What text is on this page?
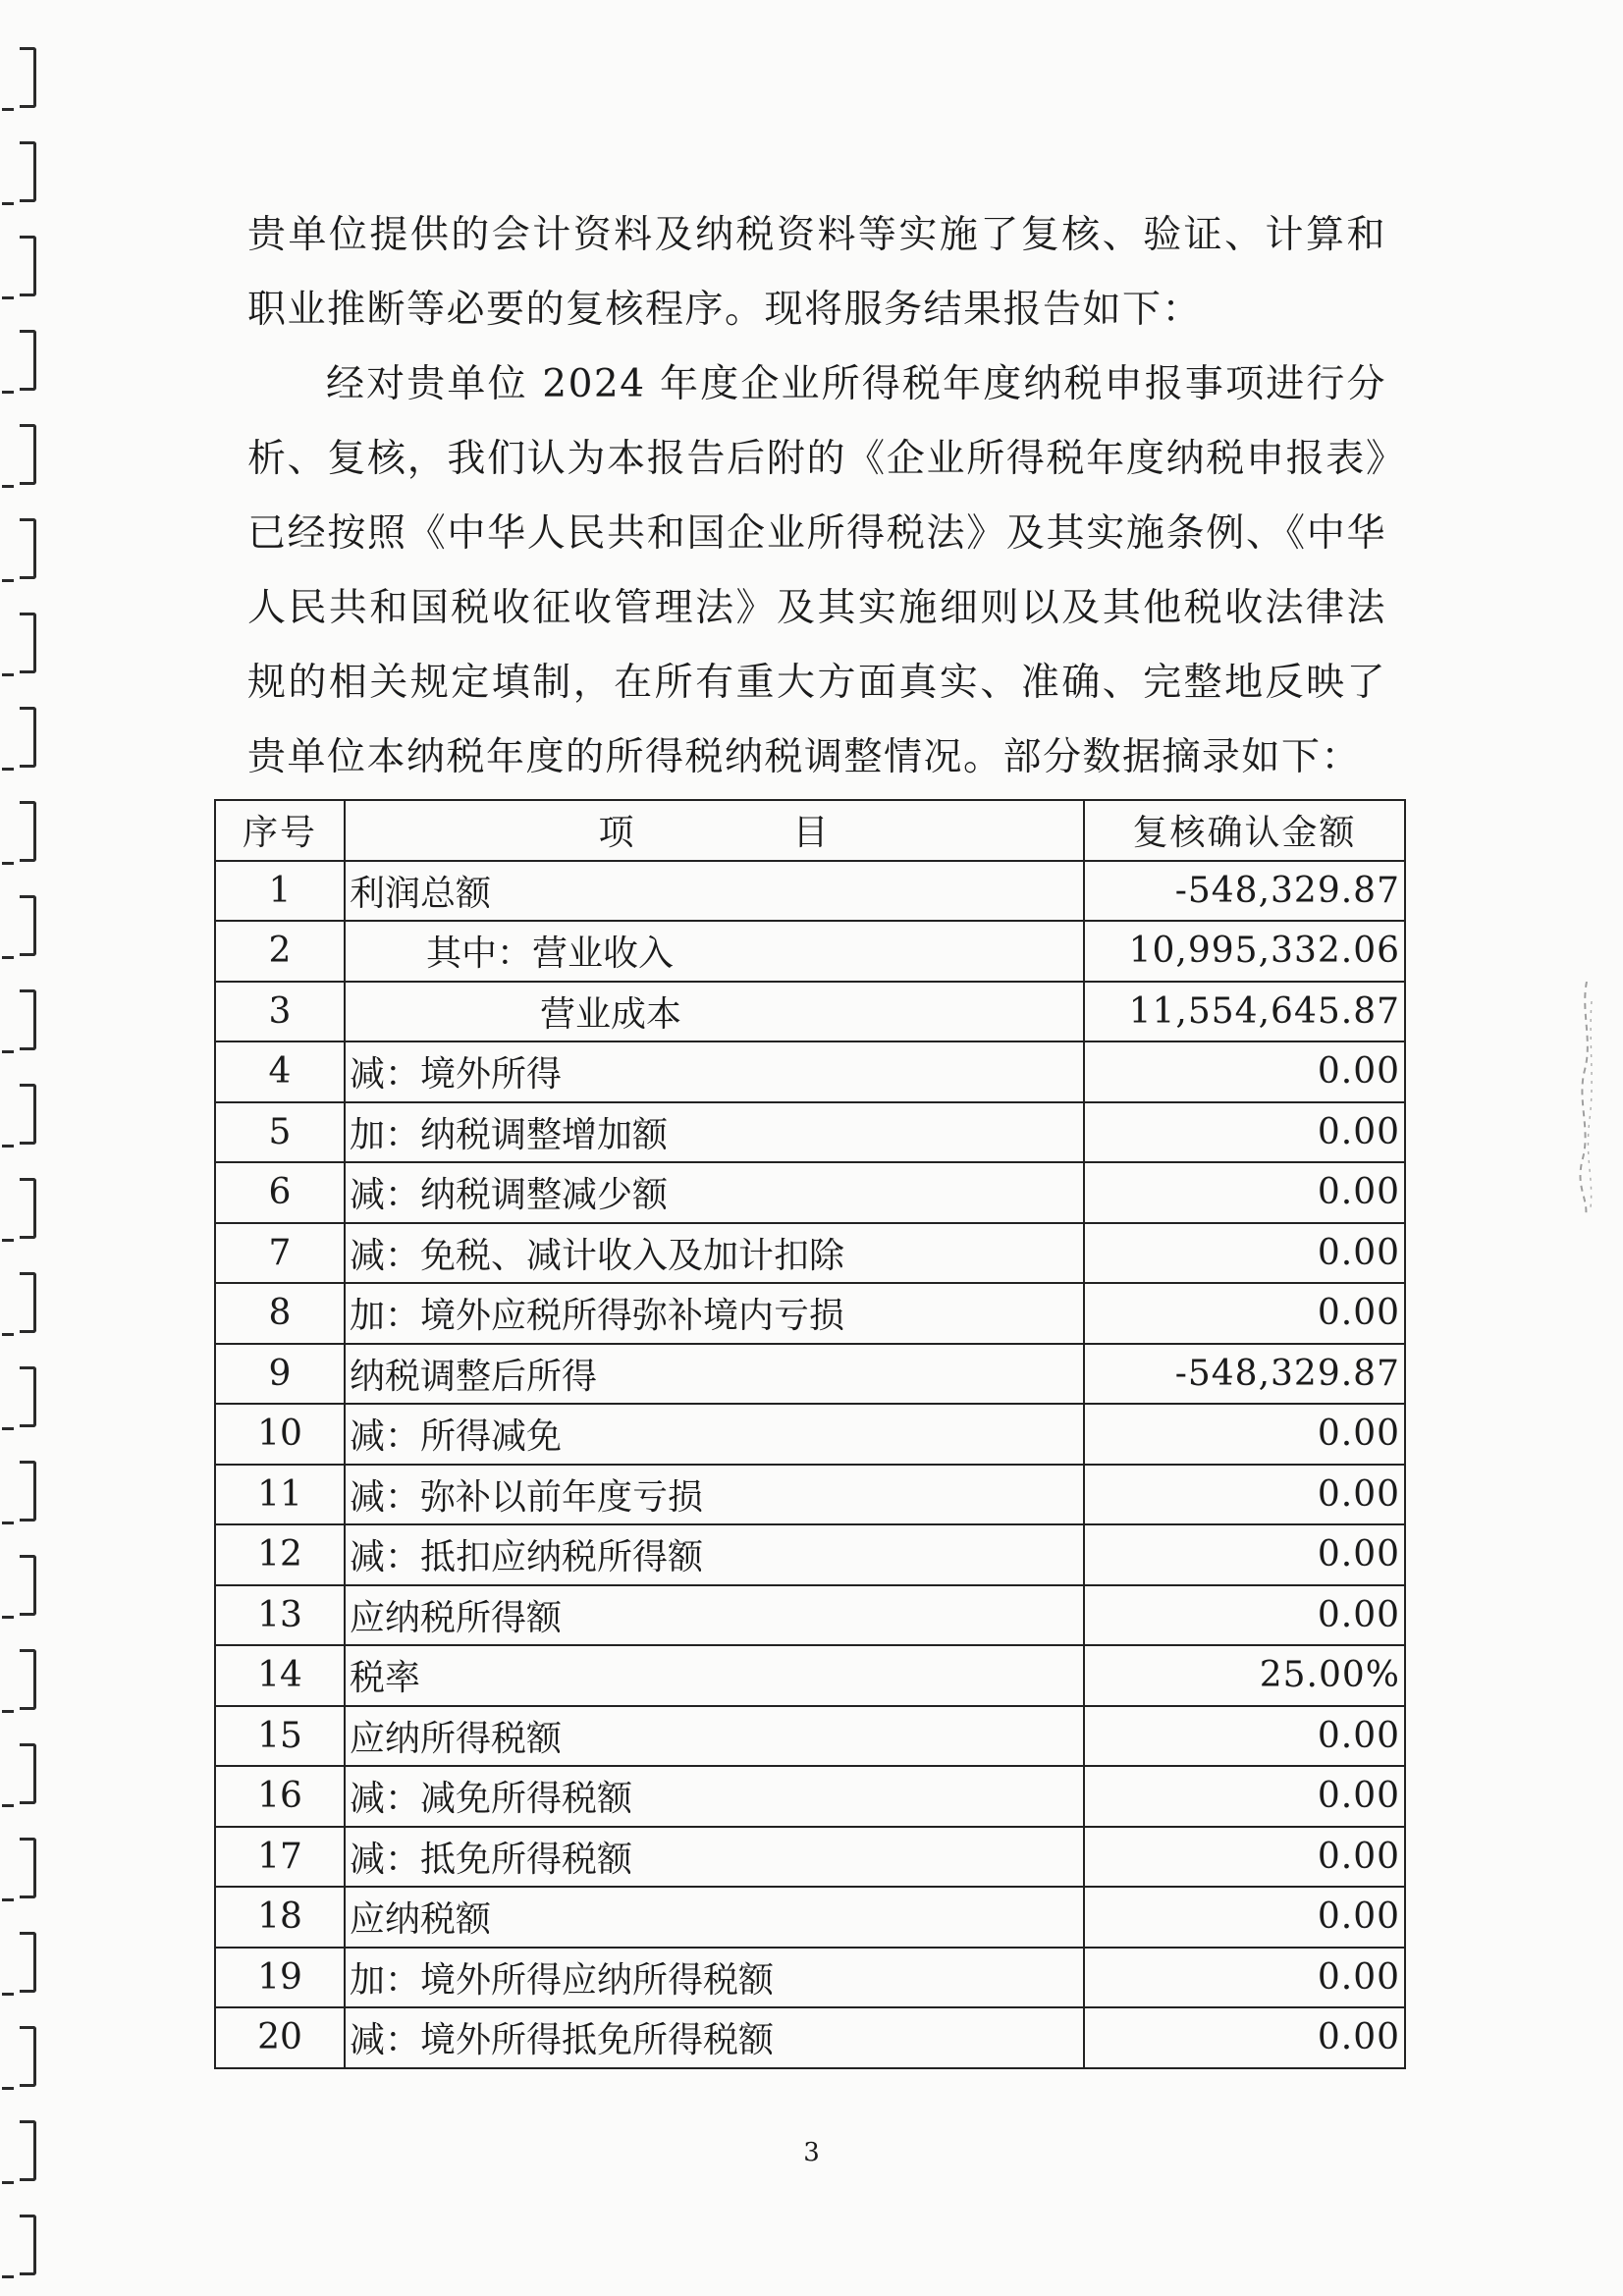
贵单位提供的会计资料及纳税资料等实施了复核、验证、计算和职业推断等必要的复核程序。现将服务结果报告如下：

经对贵单位 2024 年度企业所得税年度纳税申报事项进行分析、复核，我们认为本报告后附的《企业所得税年度纳税申报表》已经按照《中华人民共和国企业所得税法》及其实施条例、《中华人民共和国税收征收管理法》及其实施细则以及其他税收法律法规的相关规定填制，在所有重大方面真实、准确、完整地反映了贵单位本纳税年度的所得税纳税调整情况。部分数据摘录如下：

序号	项 目	复核确认金额
1	利润总额	-548,329.87
2	其中：营业收入	10,995,332.06
3	营业成本	11,554,645.87
4	减：境外所得	0.00
5	加：纳税调整增加额	0.00
6	减：纳税调整减少额	0.00
7	减：免税、减计收入及加计扣除	0.00
8	加：境外应税所得弥补境内亏损	0.00
9	纳税调整后所得	-548,329.87
10	减：所得减免	0.00
11	减：弥补以前年度亏损	0.00
12	减：抵扣应纳税所得额	0.00
13	应纳税所得额	0.00
14	税率	25.00%
15	应纳所得税额	0.00
16	减：减免所得税额	0.00
17	减：抵免所得税额	0.00
18	应纳税额	0.00
19	加：境外所得应纳所得税额	0.00
20	减：境外所得抵免所得税额	0.00
3
